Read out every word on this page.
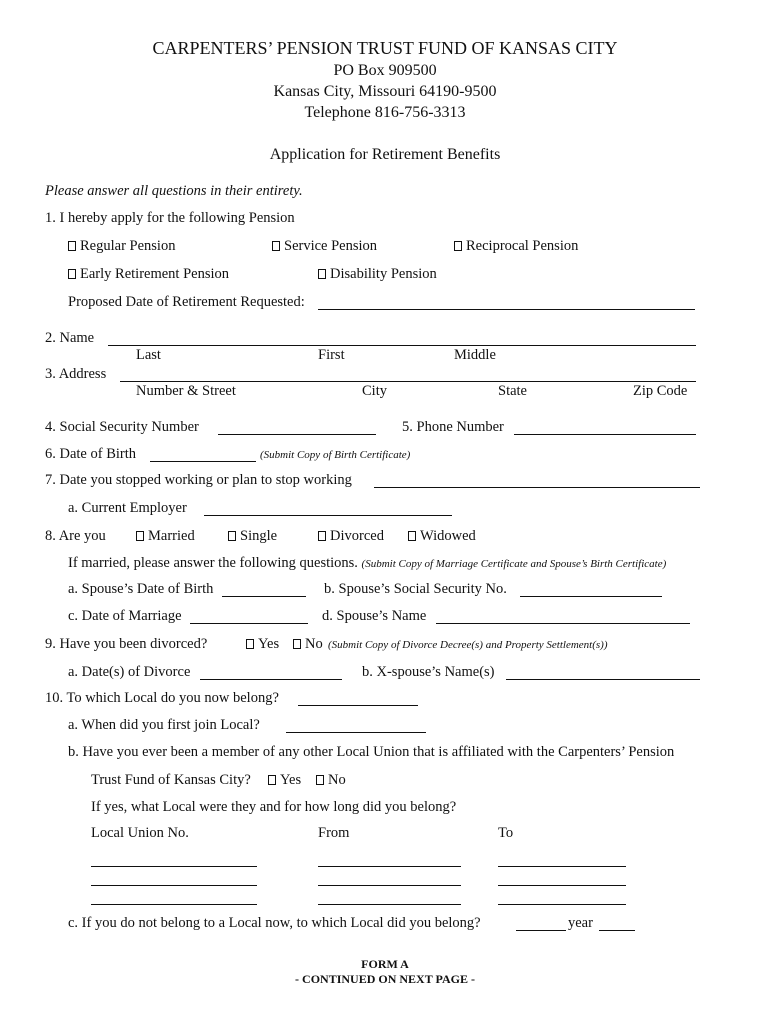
CARPENTERS’ PENSION TRUST FUND OF KANSAS CITY
PO Box 909500
Kansas City, Missouri 64190-9500
Telephone 816-756-3313
Application for Retirement Benefits
Please answer all questions in their entirety.
1. I hereby apply for the following Pension
Regular Pension	Service Pension	Reciprocal Pension
Early Retirement Pension	Disability Pension
Proposed Date of Retirement Requested:
2. Name
Last	First	Middle
3. Address
Number & Street	City	State	Zip Code
4. Social Security Number	5. Phone Number
6. Date of Birth	(Submit Copy of Birth Certificate)
7. Date you stopped working or plan to stop working
a. Current Employer
8. Are you	Married	Single	Divorced	Widowed
If married, please answer the following questions. (Submit Copy of Marriage Certificate and Spouse’s Birth Certificate)
a. Spouse’s Date of Birth	b. Spouse’s Social Security No.
c. Date of Marriage	d. Spouse’s Name
9. Have you been divorced?	Yes	No (Submit Copy of Divorce Decree(s) and Property Settlement(s))
a. Date(s) of Divorce	b. X-spouse’s Name(s)
10. To which Local do you now belong?
a. When did you first join Local?
b. Have you ever been a member of any other Local Union that is affiliated with the Carpenters’ Pension
Trust Fund of Kansas City?	Yes	No
If yes, what Local were they and for how long did you belong?
Local Union No.	From	To
c. If you do not belong to a Local now, to which Local did you belong?	year
FORM A
- CONTINUED ON NEXT PAGE -
